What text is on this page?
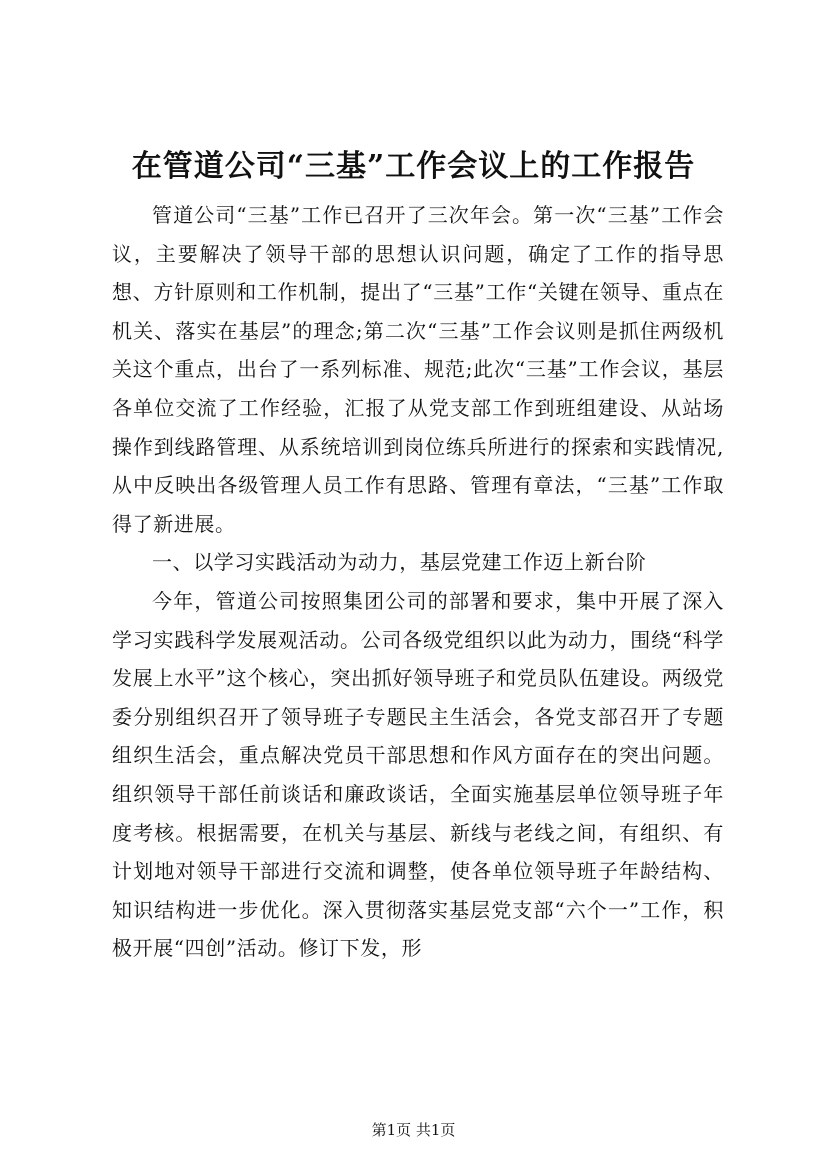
在管道公司“三基”工作会议上的工作报告

管道公司“三基”工作已召开了三次年会。第一次“三基”工作会议，主要解决了领导干部的思想认识问题，确定了工作的指导思想、方针原则和工作机制，提出了“三基”工作“关键在领导、重点在机关、落实在基层”的理念;第二次“三基”工作会议则是抓住两级机关这个重点，出台了一系列标准、规范;此次“三基”工作会议，基层各单位交流了工作经验，汇报了从党支部工作到班组建设、从站场操作到线路管理、从系统培训到岗位练兵所进行的探索和实践情况,从中反映出各级管理人员工作有思路、管理有章法，“三基”工作取得了新进展。

一、以学习实践活动为动力，基层党建工作迈上新台阶

今年，管道公司按照集团公司的部署和要求，集中开展了深入学习实践科学发展观活动。公司各级党组织以此为动力，围绕“科学发展上水平”这个核心，突出抓好领导班子和党员队伍建设。两级党委分别组织召开了领导班子专题民主生活会，各党支部召开了专题组织生活会，重点解决党员干部思想和作风方面存在的突出问题。组织领导干部任前谈话和廉政谈话，全面实施基层单位领导班子年度考核。根据需要，在机关与基层、新线与老线之间，有组织、有计划地对领导干部进行交流和调整，使各单位领导班子年龄结构、知识结构进一步优化。深入贯彻落实基层党支部“六个一”工作，积极开展“四创”活动。修订下发，形

第1页 共1页
